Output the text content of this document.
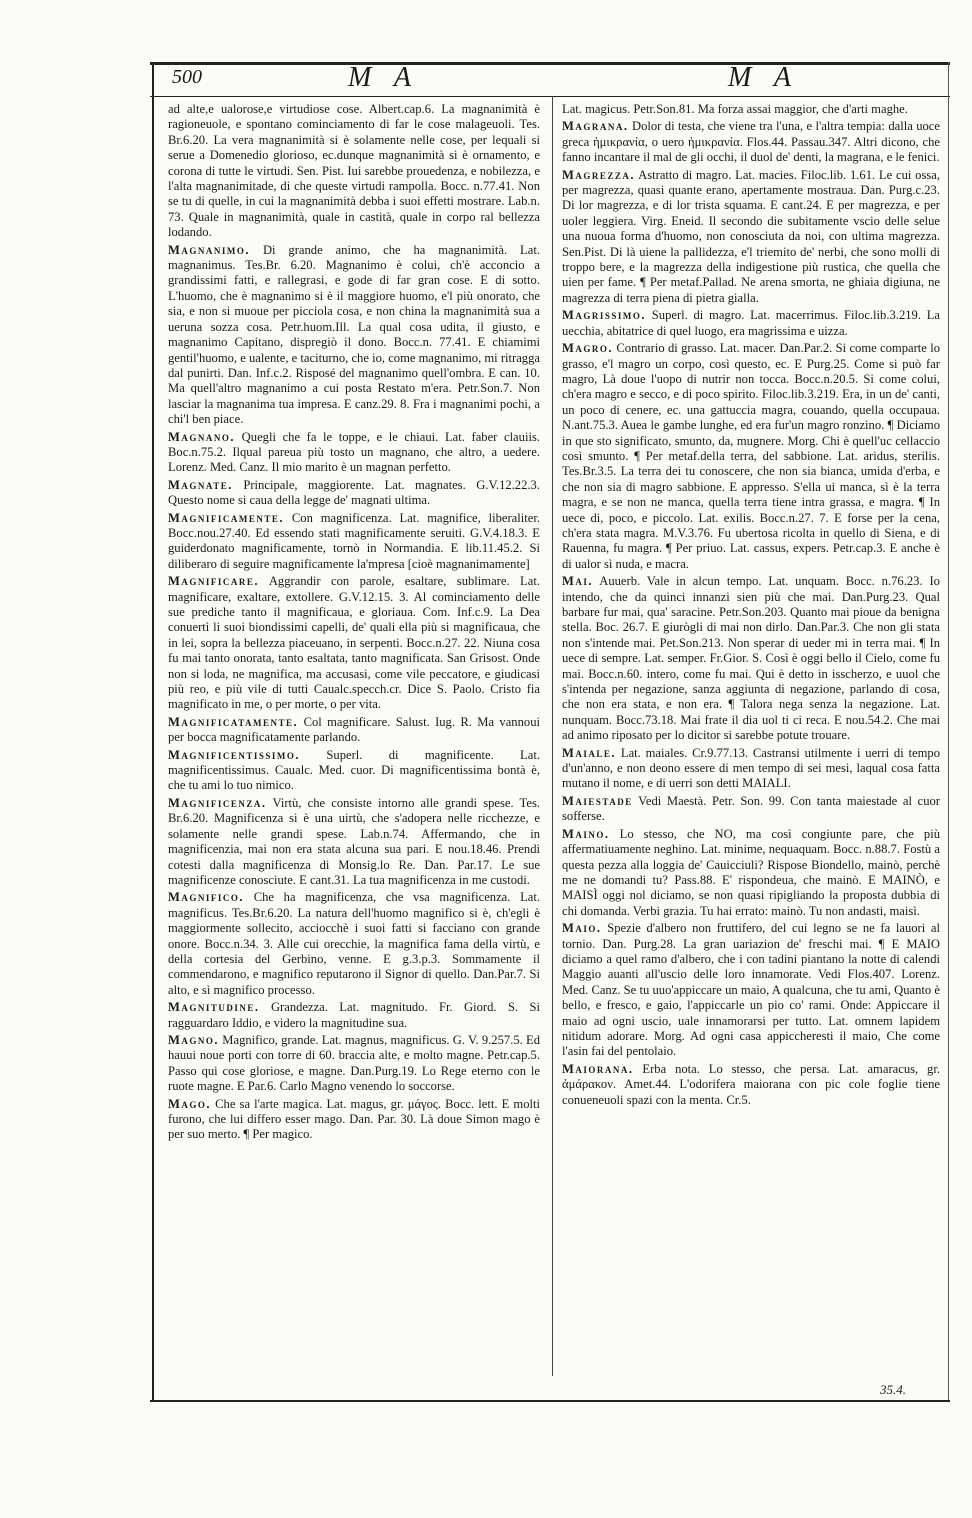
500	M A	M A

ad alte,e ualorose,e virtudiose cose. Albert.cap.6. La magnanimità è ragioneuole, e spontano cominciamento di far le cose malageuoli. Tes. Br.6.20. La vera magnanimità si è solamente nelle cose, per lequali si serue a Domenedio glorioso, ec.dunque magnanimità si è ornamento, e corona di tutte le virtudi. Sen. Pist. Iui sarebbe prouedenza, e nobilezza, e l'alta magnanimitade, di che queste virtudi rampolla. Bocc. n.77.41. Non se tu di quelle, in cui la magnanimità debba i suoi effetti mostrare. Lab.n. 73. Quale in magnanimità, quale in castità, quale in corpo ral bellezza lodando.

Magnanimo. Di grande animo, che ha magnanimità. Lat. magnanimus. Tes.Br. 6.20. Magnanimo è colui, ch'è acconcio a grandissimi fatti, e rallegrasi, e gode di far gran cose. E di sotto. L'huomo, che è magnanimo si è il maggiore huomo, e'l più onorato, che sia, e non si muoue per picciola cosa, e non china la magnanimità sua a ueruna sozza cosa. Petr.huom.Ill. La qual cosa udita, il giusto, e magnanimo Capitano, dispregiò il dono. Bocc.n. 77.41. E chiamimi gentil'huomo, e ualente, e taciturno, che io, come magnanimo, mi ritragga dal punirti. Dan. Inf.c.2. Risposé del magnanimo quell'ombra. E can. 10. Ma quell'altro magnanimo a cui posta Restato m'era. Petr.Son.7. Non lasciar la magnanima tua impresa. E canz.29. 8. Fra i magnanimi pochi, a chi'l ben piace.

Magnano. Quegli che fa le toppe, e le chiaui. Lat. faber clauiis. Boc.n.75.2. Ilqual pareua più tosto un magnano, che altro, a uedere. Lorenz. Med. Canz. Il mio marito è un magnan perfetto.

Magnate. Principale, maggiorente. Lat. magnates. G.V.12.22.3. Questo nome si caua della legge de' magnati ultima.

Magnificamente. Con magnificenza. Lat. magnifice, liberaliter. Bocc.nou.27.40. Ed essendo stati magnificamente seruiti. G.V.4.18.3. E guiderdonato magnificamente, tornò in Normandia. E lib.11.45.2. Si diliberaro di seguire magnificamente la'mpresa [cioè magnanimamente]

Magnificare. Aggrandir con parole, esaltare, sublimare. Lat. magnificare, exaltare, extollere. G.V.12.15. 3. Al cominciamento delle sue prediche tanto il magnificaua, e gloriaua. Com. Inf.c.9. La Dea conuertì li suoi biondissimi capelli, de' quali ella più si magnificaua, che in lei, sopra la bellezza piaceuano, in serpenti. Bocc.n.27. 22. Niuna cosa fu mai tanto onorata, tanto esaltata, tanto magnificata. San Grisost. Onde non si loda, ne magnifica, ma accusasi, come vile peccatore, e giudicasi più reo, e più vile di tutti Caualc.specch.cr. Dice S. Paolo. Cristo fia magnificato in me, o per morte, o per vita.

Magnificatamente. Col magnificare. Salust. Iug. R. Ma vannoui per bocca magnificatamente parlando.

Magnificentissimo. Superl. di magnificente. Lat. magnificentissimus. Caualc. Med. cuor. Di magnificentissima bontà è, che tu ami lo tuo nimico.

Magnificenza. Virtù, che consiste intorno alle grandi spese. Tes. Br.6.20. Magnificenza si è una uirtù, che s'adopera nelle ricchezze, e solamente nelle grandi spese. Lab.n.74. Affermando, che in magnificenzia, mai non era stata alcuna sua pari. E nou.18.46. Prendi cotesti dalla magnificenza di Monsig.lo Re. Dan. Par.17. Le sue magnificenze conosciute. E cant.31. La tua magnificenza in me custodi.

Magnifico. Che ha magnificenza, che vsa magnificenza. Lat. magnificus. Tes.Br.6.20. La natura dell'huomo magnifico si è, ch'egli è maggiormente sollecito, acciocchè i suoi fatti si facciano con grande onore. Bocc.n.34. 3. Alle cui orecchie, la magnifica fama della virtù, e della cortesia del Gerbino, venne. E g.3.p.3. Sommamente il commendarono, e magnifico reputarono il Signor di quello. Dan.Par.7. Si alto, e sì magnifico processo.

Magnitudine. Grandezza. Lat. magnitudo. Fr. Giord. S. Si ragguardaro Iddio, e videro la magnitudine sua.

Magno. Magnifico, grande. Lat. magnus, magnificus. G. V. 9.257.5. Ed hauui noue porti con torre di 60. braccia alte, e molto magne. Petr.cap.5. Passo qui cose gloriose, e magne. Dan.Purg.19. Lo Rege eterno con le ruote magne. E Par.6. Carlo Magno venendo lo soccorse.

Mago. Che sa l'arte magica. Lat. magus, gr. μάγος. Bocc. lett. E molti furono, che lui differo esser mago. Dan. Par. 30. Là doue Simon mago è per suo merto. ¶ Per magico.

Lat. magicus. Petr.Son.81. Ma forza assai maggior, che d'arti maghe.

Magrana. Dolor di testa, che viene tra l'una, e l'altra tempia: dalla uoce greca ἡμικρανία, o uero ἡμικρανία. Flos.44. Passau.347. Altri dicono, che fanno incantare il mal de gli occhi, il duol de' denti, la magrana, e le fenici.

Magrezza. Astratto di magro. Lat. macies. Filoc.lib. 1.61. Le cui ossa, per magrezza, quasi quante erano, apertamente mostraua. Dan. Purg.c.23. Di lor magrezza, e di lor trista squama. E cant.24. E per magrezza, e per uoler leggiera. Virg. Eneid. Il secondo die subitamente vscio delle selue una nuoua forma d'huomo, non conosciuta da noi, con ultima magrezza. Sen.Pist. Di là uiene la pallidezza, e'l triemito de' nerbi, che sono molli di troppo bere, e la magrezza della indigestione più rustica, che quella che uien per fame. ¶ Per metaf.Pallad. Ne arena smorta, ne ghiaia digiuna, ne magrezza di terra piena di pietra gialla.

Magrissimo. Superl. di magro. Lat. macerrimus. Filoc.lib.3.219. La uecchia, abitatrice di quel luogo, era magrissima e uizza.

Magro. Contrario di grasso. Lat. macer. Dan.Par.2. Si come comparte lo grasso, e'l magro un corpo, così questo, ec. E Purg.25. Come si può far magro, Là doue l'uopo di nutrir non tocca. Bocc.n.20.5. Si come colui, ch'era magro e secco, e di poco spirito. Filoc.lib.3.219. Era, in un de' canti, un poco di cenere, ec. una gattuccia magra, couando, quella occupaua. N.ant.75.3. Auea le gambe lunghe, ed era fur'un magro ronzino. ¶ Diciamo in que sto significato, smunto, da, mugnere. Morg. Chi è quell'uc cellaccio così smunto. ¶ Per metaf.della terra, del sabbione. Lat. aridus, sterilis. Tes.Br.3.5. La terra dei tu conoscere, che non sia bianca, umida d'erba, e che non sia di magro sabbione. E appresso. S'ella ui manca, sì è la terra magra, e se non ne manca, quella terra tiene intra grassa, e magra. ¶ In uece di, poco, e piccolo. Lat. exilis. Bocc.n.27. 7. E forse per la cena, ch'era stata magra. M.V.3.76. Fu ubertosa ricolta in quello di Siena, e di Rauenna, fu magra. ¶ Per priuo. Lat. cassus, expers. Petr.cap.3. E anche è di ualor sì nuda, e macra.

Mai. Auuerb. Vale in alcun tempo. Lat. unquam. Bocc. n.76.23. Io intendo, che da quinci innanzi sien più che mai. Dan.Purg.23. Qual barbare fur mai, qua' saracine. Petr.Son.203. Quanto mai pioue da benigna stella. Boc. 26.7. E giurògli di mai non dirlo. Dan.Par.3. Che non gli stata non s'intende mai. Pet.Son.213. Non sperar di ueder mi in terra mai. ¶ In uece di sempre. Lat. semper. Fr.Gior. S. Così è oggi bello il Cielo, come fu mai. Bocc.n.60. intero, come fu mai. Qui è detto in isscherzo, e uuol che s'intenda per negazione, sanza aggiunta di negazione, parlando di cosa, che non era stata, e non era. ¶ Talora nega senza la negazione. Lat. nunquam. Bocc.73.18. Mai frate il dia uol ti ci reca. E nou.54.2. Che mai ad animo riposato per lo dicitor si sarebbe potute trouare.

Maiale. Lat. maiales. Cr.9.77.13. Castransi utilmente i uerri di tempo d'un'anno, e non deono essere di men tempo di sei mesi, laqual cosa fatta mutano il nome, e di uerri son detti MAIALI.

Maiestade Vedi Maestà. Petr. Son. 99. Con tanta maiestade al cuor sofferse.

Maino. Lo stesso, che NO, ma così congiunte pare, che più affermatiuamente neghino. Lat. minime, nequaquam. Bocc. n.88.7. Fostù a questa pezza alla loggia de' Cauicciuli? Rispose Biondello, mainò, perchè me ne domandi tu? Pass.88. E' rispondeua, che mainò. E MAINÒ, e MAISÌ oggi nol diciamo, se non quasi ripigliando la proposta dubbia di chi domanda. Verbi grazia. Tu hai errato: mainò. Tu non andasti, maisì.

Maio. Spezie d'albero non fruttifero, del cui legno se ne fa lauori al tornio. Dan. Purg.28. La gran uariazion de' freschi mai. ¶ E MAIO diciamo a quel ramo d'albero, che i con tadini piantano la notte di calendi Maggio auanti all'uscio delle loro innamorate. Vedi Flos.407. Lorenz. Med. Canz. Se tu uuo'appiccare un maio, A qualcuna, che tu ami, Quanto è bello, e fresco, e gaio, l'appiccarle un pio co' rami. Onde: Appiccare il maio ad ogni uscio, uale innamorarsi per tutto. Lat. omnem lapidem nitidum adorare. Morg. Ad ogni casa appiccheresti il maio, Che come l'asin fai del pentolaio.

Maiorana. Erba nota. Lo stesso, che persa. Lat. amaracus, gr. ἀμάρακον. Amet.44. L'odorifera maiorana con pic cole foglie tiene conueneuoli spazi con la menta. Cr.5.

35.4.
